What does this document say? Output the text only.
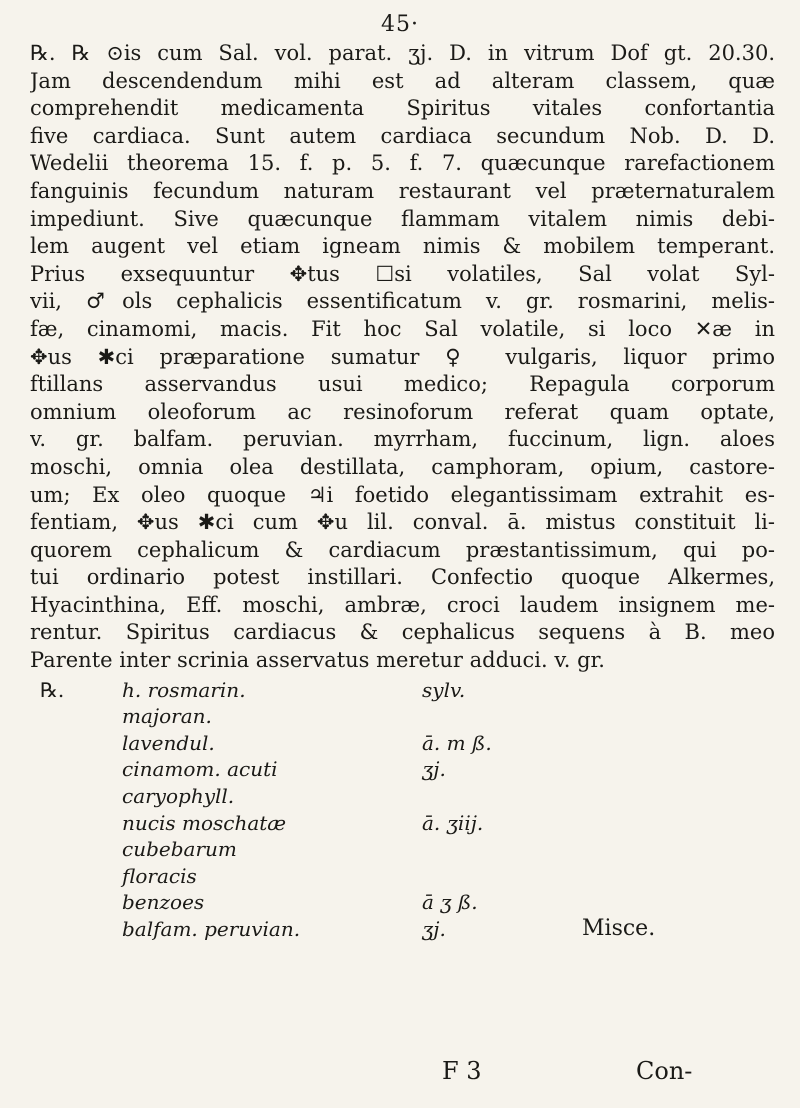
45·
℞. ℞ ⊙is cum Sal. vol. parat. ʒj. D. in vitrum Dof gt. 20.30.
Jam descendendum mihi est ad alteram classem, quæ
comprehendit medicamenta Spiritus vitales confortantia
five cardiaca. Sunt autem cardiaca secundum Nob. D. D.
Wedelii theorema 15. f. p. 5. f. 7. quæcunque rarefactionem
fanguinis fecundum naturam restaurant vel præternaturalem
impediunt. Sive quæcunque flammam vitalem nimis debi-
lem augent vel etiam igneam nimis & mobilem temperant.
Prius exsequuntur ✥tus ☐si volatiles, Sal volat Syl-
vii, ♂ols cephalicis essentificatum v. gr. rosmarini, melis-
fæ, cinamomi, macis. Fit hoc Sal volatile, si loco ✕æ in
✥us ✱ci præparatione sumatur ♀ vulgaris, liquor primo
ftillans asservandus usui medico; Repagula corporum
omnium oleoforum ac resinoforum referat quam optate,
v. gr. balfam. peruvian. myrrham, fuccinum, lign. aloes
moschi, omnia olea destillata, camphoram, opium, castore-
um; Ex oleo quoque ♃i foetido elegantissimam extrahit es-
fentiam, ✥us ✱ci cum ✥u lil. conval. ā. mistus constituit li-
quorem cephalicum & cardiacum præstantissimum, qui po-
tui ordinario potest instillari. Confectio quoque Alkermes,
Hyacinthina, Eff. moschi, ambræ, croci laudem insignem me-
rentur. Spiritus cardiacus & cephalicus sequens à B. meo
Parente inter scrinia asservatus meretur adduci. v. gr.
℞.	h. rosmarin.	sylv.
majoran.
lavendul.	ā. m ß.
cinamom. acuti	ʒj.
caryophyll.
nucis moschatæ	ā. ʒiij.
cubebarum
floracis
benzoes	ā ʒ ß.
balfam. peruvian.	ʒj.	Misce.
F 3	Con-
